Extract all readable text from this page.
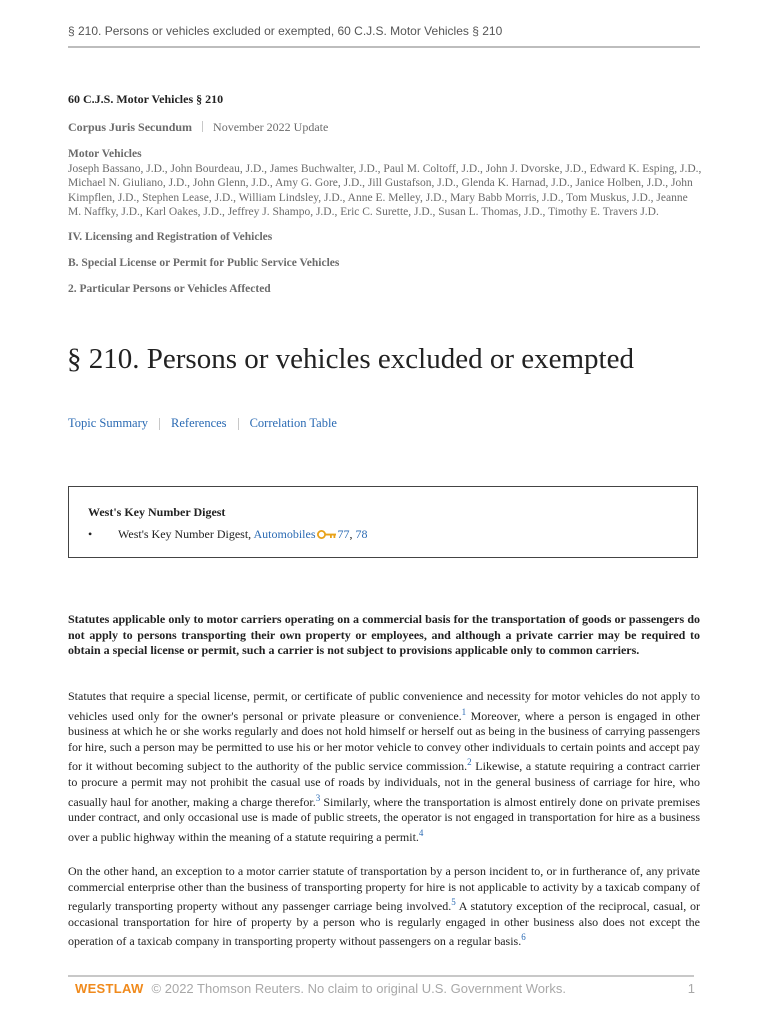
§ 210. Persons or vehicles excluded or exempted, 60 C.J.S. Motor Vehicles § 210
60 C.J.S. Motor Vehicles § 210
Corpus Juris Secundum November 2022 Update
Motor Vehicles
Joseph Bassano, J.D., John Bourdeau, J.D., James Buchwalter, J.D., Paul M. Coltoff, J.D., John J. Dvorske, J.D., Edward K. Esping, J.D., Michael N. Giuliano, J.D., John Glenn, J.D., Amy G. Gore, J.D., Jill Gustafson, J.D., Glenda K. Harnad, J.D., Janice Holben, J.D., John Kimpflen, J.D., Stephen Lease, J.D., William Lindsley, J.D., Anne E. Melley, J.D., Mary Babb Morris, J.D., Tom Muskus, J.D., Jeanne M. Naffky, J.D., Karl Oakes, J.D., Jeffrey J. Shampo, J.D., Eric C. Surette, J.D., Susan L. Thomas, J.D., Timothy E. Travers J.D.
IV. Licensing and Registration of Vehicles
B. Special License or Permit for Public Service Vehicles
2. Particular Persons or Vehicles Affected
§ 210. Persons or vehicles excluded or exempted
Topic Summary References Correlation Table
West's Key Number Digest
• West's Key Number Digest, Automobiles 77, 78
Statutes applicable only to motor carriers operating on a commercial basis for the transportation of goods or passengers do not apply to persons transporting their own property or employees, and although a private carrier may be required to obtain a special license or permit, such a carrier is not subject to provisions applicable only to common carriers.
Statutes that require a special license, permit, or certificate of public convenience and necessity for motor vehicles do not apply to vehicles used only for the owner's personal or private pleasure or convenience.$^1$ Moreover, where a person is engaged in other business at which he or she works regularly and does not hold himself or herself out as being in the business of carrying passengers for hire, such a person may be permitted to use his or her motor vehicle to convey other individuals to certain points and accept pay for it without becoming subject to the authority of the public service commission.$^2$ Likewise, a statute requiring a contract carrier to procure a permit may not prohibit the casual use of roads by individuals, not in the general business of carriage for hire, who casually haul for another, making a charge therefor.$^3$ Similarly, where the transportation is almost entirely done on private premises under contract, and only occasional use is made of public streets, the operator is not engaged in transportation for hire as a business over a public highway within the meaning of a statute requiring a permit.$^4$
On the other hand, an exception to a motor carrier statute of transportation by a person incident to, or in furtherance of, any private commercial enterprise other than the business of transporting property for hire is not applicable to activity by a taxicab company of regularly transporting property without any passenger carriage being involved.$^5$ A statutory exception of the reciprocal, casual, or occasional transportation for hire of property by a person who is regularly engaged in other business also does not except the operation of a taxicab company in transporting property without passengers on a regular basis.$^6$
WESTLAW © 2022 Thomson Reuters. No claim to original U.S. Government Works.	1
